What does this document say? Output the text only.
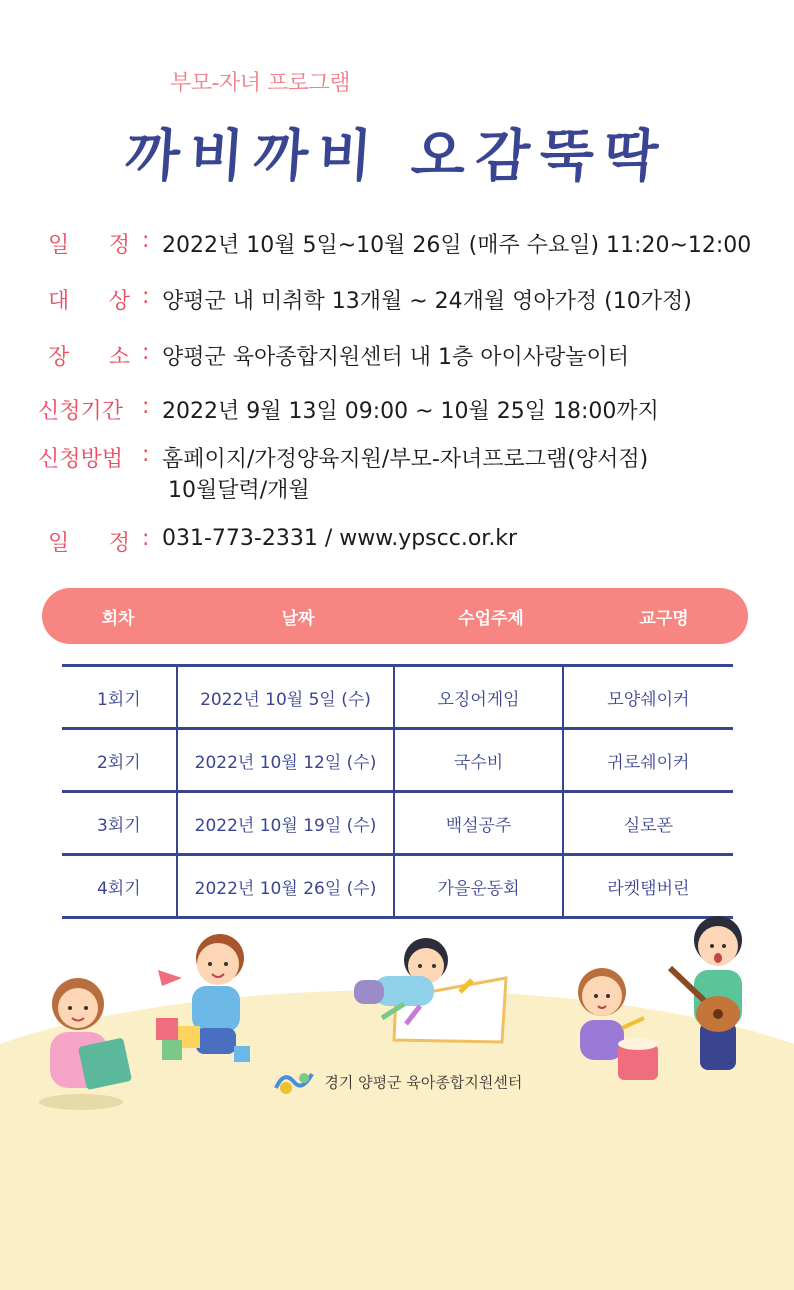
부모-자녀 프로그램
까비까비 오감뚝딱
일 정 : 2022년 10월 5일~10월 26일 (매주 수요일) 11:20~12:00
대 상 : 양평군 내 미취학 13개월 ~ 24개월 영아가정 (10가정)
장 소 : 양평군 육아종합지원센터 내 1층 아이사랑놀이터
신청기간 : 2022년 9월 13일 09:00 ~ 10월 25일 18:00까지
신청방법 : 홈페이지/가정양육지원/부모-자녀프로그램(양서점)
10월달력/개월
일 정 : 031-773-2331 / www.ypscc.or.kr
회차	날짜	수업주제	교구명
1회기	2022년 10월 5일 (수)	오징어게임	모양쉐이커
2회기	2022년 10월 12일 (수)	국수비	귀로쉐이커
3회기	2022년 10월 19일 (수)	백설공주	실로폰
4회기	2022년 10월 26일 (수)	가을운동회	라켓탬버린
경기 양평군 육아종합지원센터
